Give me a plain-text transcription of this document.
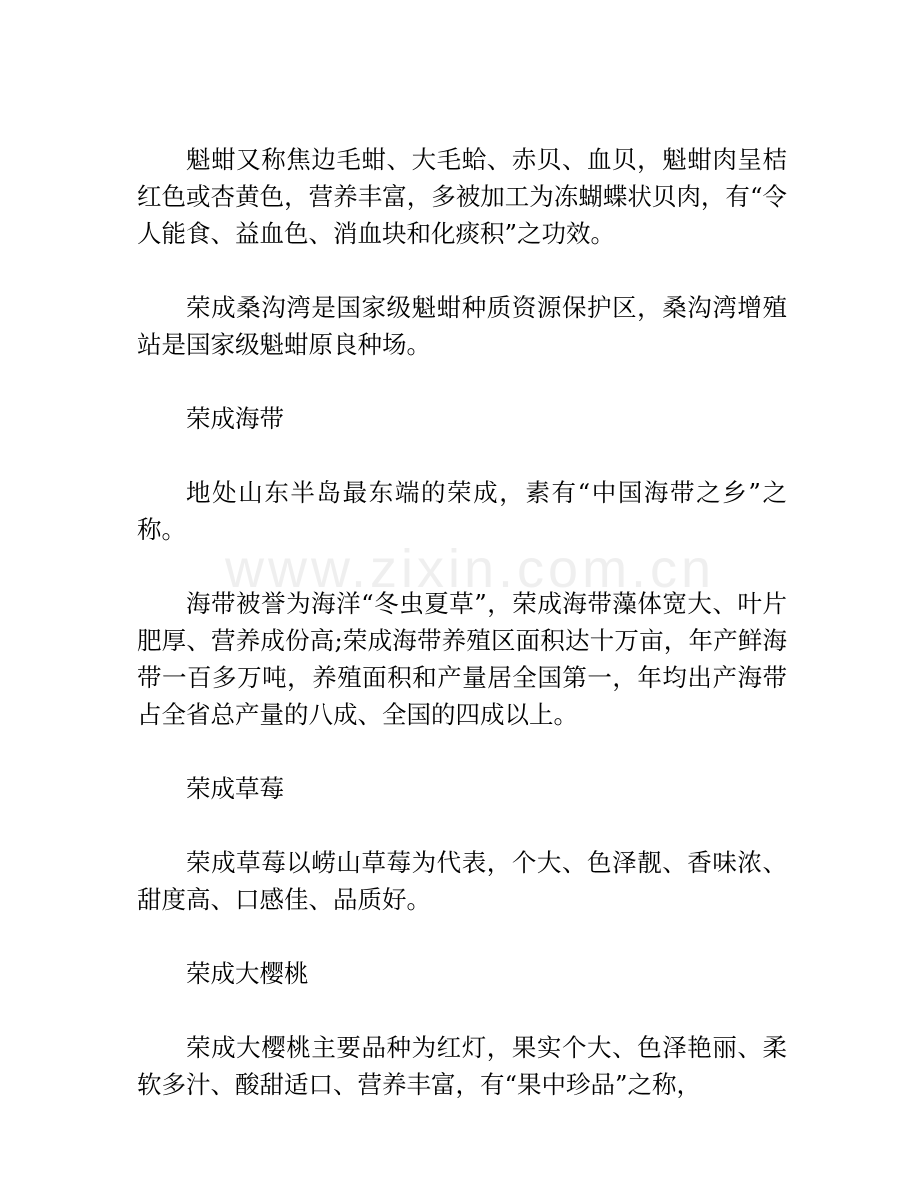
www.zixin.com.cn

魁蚶又称焦边毛蚶、大毛蛤、赤贝、血贝，魁蚶肉呈桔红色或杏黄色，营养丰富，多被加工为冻蝴蝶状贝肉，有“令人能食、益血色、消血块和化痰积”之功效。

荣成桑沟湾是国家级魁蚶种质资源保护区，桑沟湾增殖站是国家级魁蚶原良种场。

荣成海带

地处山东半岛最东端的荣成，素有“中国海带之乡”之称。

海带被誉为海洋“冬虫夏草”，荣成海带藻体宽大、叶片肥厚、营养成份高;荣成海带养殖区面积达十万亩，年产鲜海带一百多万吨，养殖面积和产量居全国第一，年均出产海带占全省总产量的八成、全国的四成以上。

荣成草莓

荣成草莓以崂山草莓为代表，个大、色泽靓、香味浓、甜度高、口感佳、品质好。

荣成大樱桃

荣成大樱桃主要品种为红灯，果实个大、色泽艳丽、柔软多汁、酸甜适口、营养丰富，有“果中珍品”之称，
